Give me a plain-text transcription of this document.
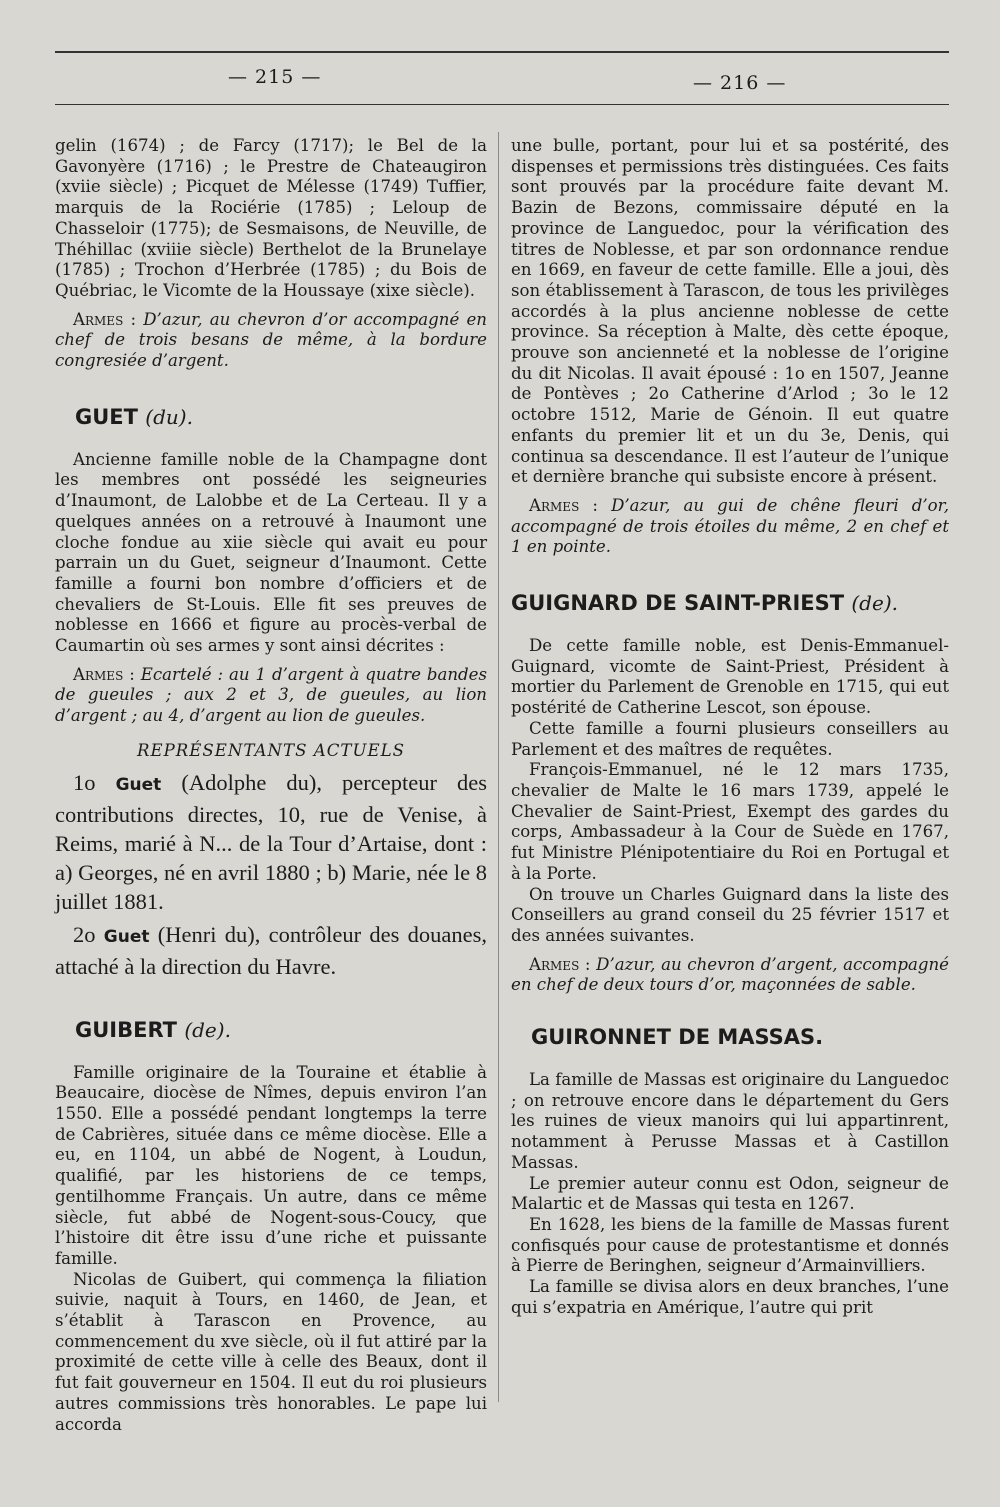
— 215 —	— 216 —

gelin (1674) ; de Farcy (1717); le Bel de la Gavonyère (1716) ; le Prestre de Chateaugiron (xviie siècle) ; Picquet de Mélesse (1749) Tuffier, marquis de la Rociérie (1785) ; Leloup de Chasseloir (1775); de Sesmaisons, de Neuville, de Théhillac (xviiie siècle) Berthelot de la Brunelaye (1785) ; Trochon d’Herbrée (1785) ; du Bois de Québriac, le Vicomte de la Houssaye (xixe siècle).

Armes : D’azur, au chevron d’or accompagné en chef de trois besans de même, à la bordure congresiée d’argent.

GUET (du).

Ancienne famille noble de la Champagne dont les membres ont possédé les seigneuries d’Inaumont, de Lalobbe et de La Certeau. Il y a quelques années on a retrouvé à Inaumont une cloche fondue au xiie siècle qui avait eu pour parrain un du Guet, seigneur d’Inaumont. Cette famille a fourni bon nombre d’officiers et de chevaliers de St-Louis. Elle fit ses preuves de noblesse en 1666 et figure au procès-verbal de Caumartin où ses armes y sont ainsi décrites :

Armes : Ecartelé : au 1 d’argent à quatre bandes de gueules ; aux 2 et 3, de gueules, au lion d’argent ; au 4, d’argent au lion de gueules.

REPRÉSENTANTS ACTUELS

1o Guet (Adolphe du), percepteur des contributions directes, 10, rue de Venise, à Reims, marié à N... de la Tour d’Artaise, dont : a) Georges, né en avril 1880 ; b) Marie, née le 8 juillet 1881.

2o Guet (Henri du), contrôleur des douanes, attaché à la direction du Havre.

GUIBERT (de).

Famille originaire de la Touraine et établie à Beaucaire, diocèse de Nîmes, depuis environ l’an 1550. Elle a possédé pendant longtemps la terre de Cabrières, située dans ce même diocèse. Elle a eu, en 1104, un abbé de Nogent, à Loudun, qualifié, par les historiens de ce temps, gentilhomme Français. Un autre, dans ce même siècle, fut abbé de Nogent-sous-Coucy, que l’histoire dit être issu d’une riche et puissante famille.

Nicolas de Guibert, qui commença la filiation suivie, naquit à Tours, en 1460, de Jean, et s’établit à Tarascon en Provence, au commencement du xve siècle, où il fut attiré par la proximité de cette ville à celle des Beaux, dont il fut fait gouverneur en 1504. Il eut du roi plusieurs autres commissions très honorables. Le pape lui accorda

une bulle, portant, pour lui et sa postérité, des dispenses et permissions très distinguées. Ces faits sont prouvés par la procédure faite devant M. Bazin de Bezons, commissaire député en la province de Languedoc, pour la vérification des titres de Noblesse, et par son ordonnance rendue en 1669, en faveur de cette famille. Elle a joui, dès son établissement à Tarascon, de tous les privilèges accordés à la plus ancienne noblesse de cette province. Sa réception à Malte, dès cette époque, prouve son ancienneté et la noblesse de l’origine du dit Nicolas. Il avait épousé : 1o en 1507, Jeanne de Pontèves ; 2o Catherine d’Arlod ; 3o le 12 octobre 1512, Marie de Génoin. Il eut quatre enfants du premier lit et un du 3e, Denis, qui continua sa descendance. Il est l’auteur de l’unique et dernière branche qui subsiste encore à présent.

Armes : D’azur, au gui de chêne fleuri d’or, accompagné de trois étoiles du même, 2 en chef et 1 en pointe.

GUIGNARD DE SAINT-PRIEST (de).

De cette famille noble, est Denis-Emmanuel-Guignard, vicomte de Saint-Priest, Président à mortier du Parlement de Grenoble en 1715, qui eut postérité de Catherine Lescot, son épouse.

Cette famille a fourni plusieurs conseillers au Parlement et des maîtres de requêtes.

François-Emmanuel, né le 12 mars 1735, chevalier de Malte le 16 mars 1739, appelé le Chevalier de Saint-Priest, Exempt des gardes du corps, Ambassadeur à la Cour de Suède en 1767, fut Ministre Plénipotentiaire du Roi en Portugal et à la Porte.

On trouve un Charles Guignard dans la liste des Conseillers au grand conseil du 25 février 1517 et des années suivantes.

Armes : D’azur, au chevron d’argent, accompagné en chef de deux tours d’or, maçonnées de sable.

GUIRONNET DE MASSAS.

La famille de Massas est originaire du Languedoc ; on retrouve encore dans le département du Gers les ruines de vieux manoirs qui lui appartinrent, notamment à Perusse Massas et à Castillon Massas.

Le premier auteur connu est Odon, seigneur de Malartic et de Massas qui testa en 1267.

En 1628, les biens de la famille de Massas furent confisqués pour cause de protestantisme et donnés à Pierre de Beringhen, seigneur d’Armainvilliers.

La famille se divisa alors en deux branches, l’une qui s’expatria en Amérique, l’autre qui prit
